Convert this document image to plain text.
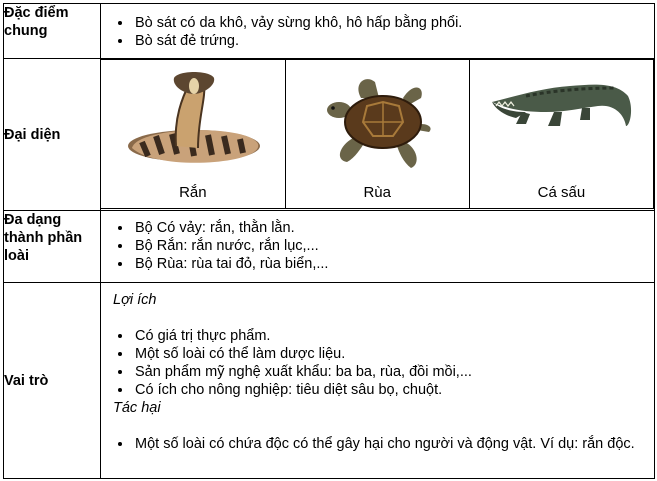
Đặc điểm chung	
•Bò sát có da khô, vảy sừng khô, hô hấp bằng phổi.
• Bò sát đẻ trứng.

Đại diện	
Rắn	Rùa	Cá sấu

Đa dạng thành phần loài	
• Bộ Có vảy: rắn, thằn lằn.
• Bộ Rắn: rắn nước, rắn lục,...
• Bộ Rùa: rùa tai đỏ, rùa biển,...

Vai trò	
Lợi ích
• Có giá trị thực phẩm.
• Một số loài có thể làm dược liệu.
• Sản phẩm mỹ nghệ xuất khẩu: ba ba, rùa, đồi mồi,...
• Có ích cho nông nghiệp: tiêu diệt sâu bọ, chuột.
Tác hại
• Một số loài có chứa độc có thể gây hại cho người và động vật. Ví dụ: rắn độc.
